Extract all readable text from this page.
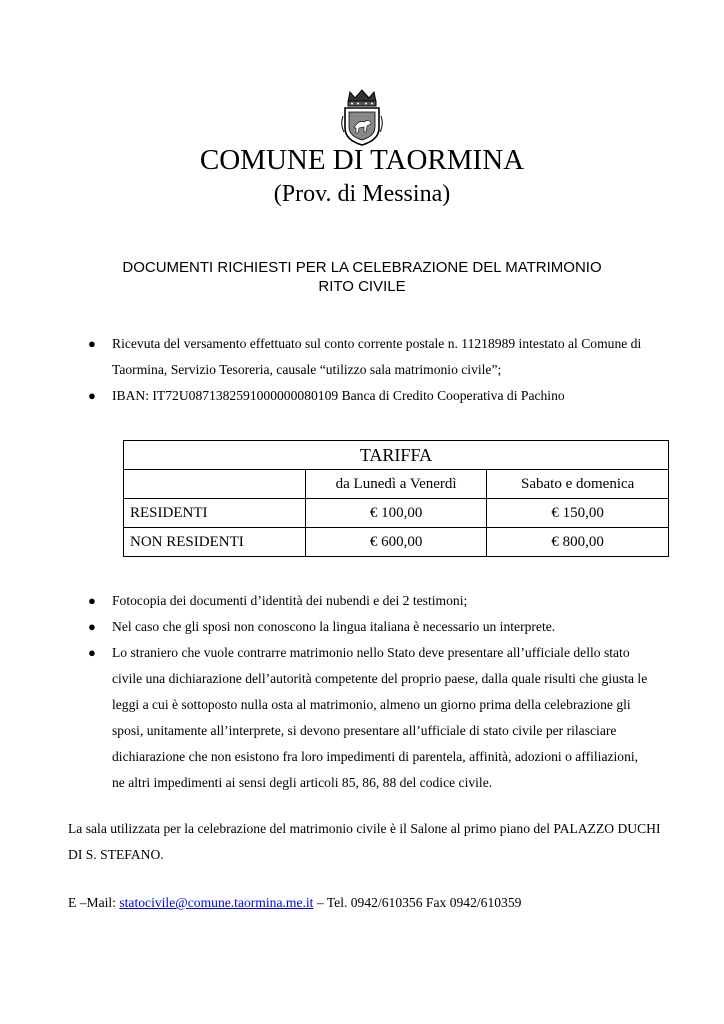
COMUNE DI TAORMINA
(Prov. di Messina)
DOCUMENTI RICHIESTI PER LA CELEBRAZIONE DEL MATRIMONIO
RITO CIVILE
● Ricevuta del versamento effettuato sul conto corrente postale n. 11218989 intestato al Comune di Taormina, Servizio Tesoreria, causale “utilizzo sala matrimonio civile”;
● IBAN: IT72U0871382591000000080109 Banca di Credito Cooperativa di Pachino
TARIFFA		
	da Lunedì a Venerdì	Sabato e domenica
RESIDENTI	€ 100,00	€ 150,00
NON RESIDENTI	€ 600,00	€ 800,00
● Fotocopia dei documenti d’identità dei nubendi e dei 2 testimoni;
● Nel caso che gli sposi non conoscono la lingua italiana è necessario un interprete.
● Lo straniero che vuole contrarre matrimonio nello Stato deve presentare all’ufficiale dello stato civile una dichiarazione dell’autorità competente del proprio paese, dalla quale risulti che giusta le leggi a cui è sottoposto nulla osta al matrimonio, almeno un giorno prima della celebrazione gli sposi, unitamente all’interprete, si devono presentare all’ufficiale di stato civile per rilasciare dichiarazione che non esistono fra loro impedimenti di parentela, affinità, adozioni o affiliazioni, ne altri impedimenti ai sensi degli articoli 85, 86, 88 del codice civile.
La sala utilizzata per la celebrazione del matrimonio civile è il Salone al primo piano del PALAZZO DUCHI DI S. STEFANO.
E –Mail: statocivile@comune.taormina.me.it – Tel. 0942/610356 Fax 0942/610359
